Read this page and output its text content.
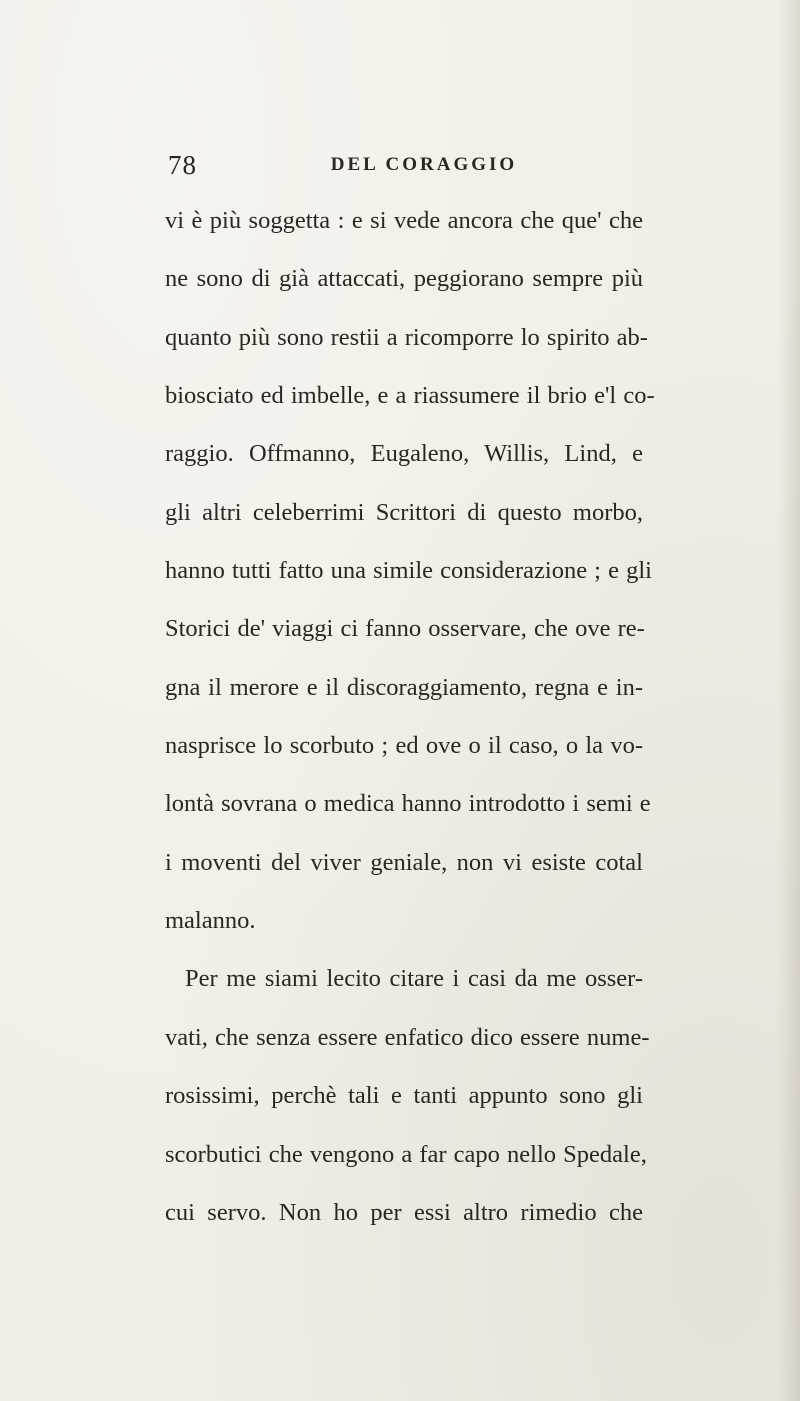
78	DEL CORAGGIO
vi è più soggetta : e si vede ancora che que' che
ne sono di già attaccati, peggiorano sempre più
quanto più sono restii a ricomporre lo spirito ab-
biosciato ed imbelle, e a riassumere il brio e'l co-
raggio. Offmanno, Eugaleno, Willis, Lind, e
gli altri celeberrimi Scrittori di questo morbo,
hanno tutti fatto una simile considerazione ; e gli
Storici de' viaggi ci fanno osservare, che ove re-
gna il merore e il discoraggiamento, regna e in-
nasprisce lo scorbuto ; ed ove o il caso, o la vo-
lontà sovrana o medica hanno introdotto i semi e
i moventi del viver geniale, non vi esiste cotal
malanno.
Per me siami lecito citare i casi da me osser-
vati, che senza essere enfatico dico essere nume-
rosissimi, perchè tali e tanti appunto sono gli
scorbutici che vengono a far capo nello Spedale,
cui servo. Non ho per essi altro rimedio che
